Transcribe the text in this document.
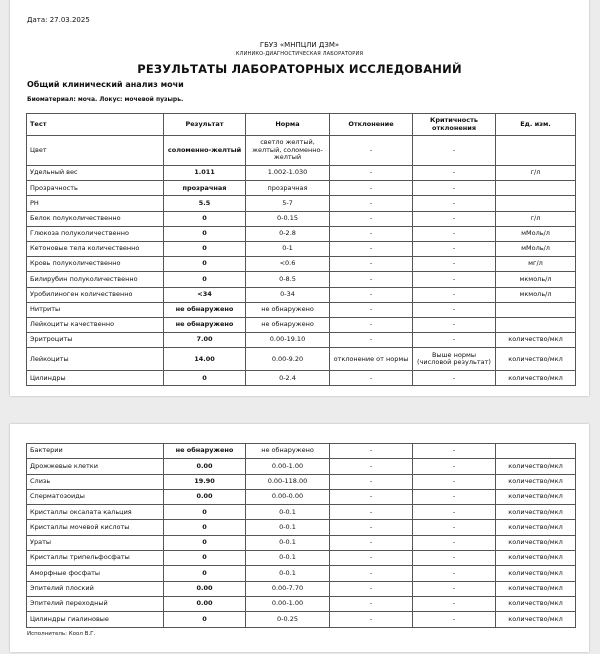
Дата: 27.03.2025
ГБУЗ «МНПЦЛИ ДЗМ»
КЛИНИКО-ДИАГНОСТИЧЕСКАЯ ЛАБОРАТОРИЯ
РЕЗУЛЬТАТЫ ЛАБОРАТОРНЫХ ИССЛЕДОВАНИЙ
Общий клинический анализ мочи
Биоматериал: моча. Локус: мочевой пузырь.
Тест	Результат	Норма	Отклонение	Критичность отклонения	Ед. изм.
Цвет	соломенно-желтый	светло желтый, желтый, соломенно-желтый	-	-	
Удельный вес	1.011	1.002-1.030	-	-	г/л
Прозрачность	прозрачная	прозрачная	-	-	
PH	5.5	5-7	-	-	
Белок полуколичественно	0	0-0.15	-	-	г/л
Глюкоза полуколичественно	0	0-2.8	-	-	мМоль/л
Кетоновые тела количественно	0	0-1	-	-	мМоль/л
Кровь полуколичественно	0	<0.6	-	-	мг/л
Билирубин полуколичественно	0	0-8.5	-	-	мкмоль/л
Уробилиноген количественно	<34	0-34	-	-	мкмоль/л
Нитриты	не обнаружено	не обнаружено	-	-	
Лейкоциты качественно	не обнаружено	не обнаружено	-	-	
Эритроциты	7.00	0.00-19.10	-	-	количество/мкл
Лейкоциты	14.00	0.00-9.20	отклонение от нормы	Выше нормы (числовой результат)	количество/мкл
Цилиндры	0	0-2.4	-	-	количество/мкл
Бактерии	не обнаружено	не обнаружено	-	-	
Дрожжевые клетки	0.00	0.00-1.00	-	-	количество/мкл
Слизь	19.90	0.00-118.00	-	-	количество/мкл
Сперматозоиды	0.00	0.00-0.00	-	-	количество/мкл
Кристаллы оксалата кальция	0	0-0.1	-	-	количество/мкл
Кристаллы мочевой кислоты	0	0-0.1	-	-	количество/мкл
Ураты	0	0-0.1	-	-	количество/мкл
Кристаллы трипельфосфаты	0	0-0.1	-	-	количество/мкл
Аморфные фосфаты	0	0-0.1	-	-	количество/мкл
Эпителий плоский	0.00	0.00-7.70	-	-	количество/мкл
Эпителий переходный	0.00	0.00-1.00	-	-	количество/мкл
Цилиндры гиалиновые	0	0-0.25	-	-	количество/мкл
Исполнитель: Коол В.Г.
